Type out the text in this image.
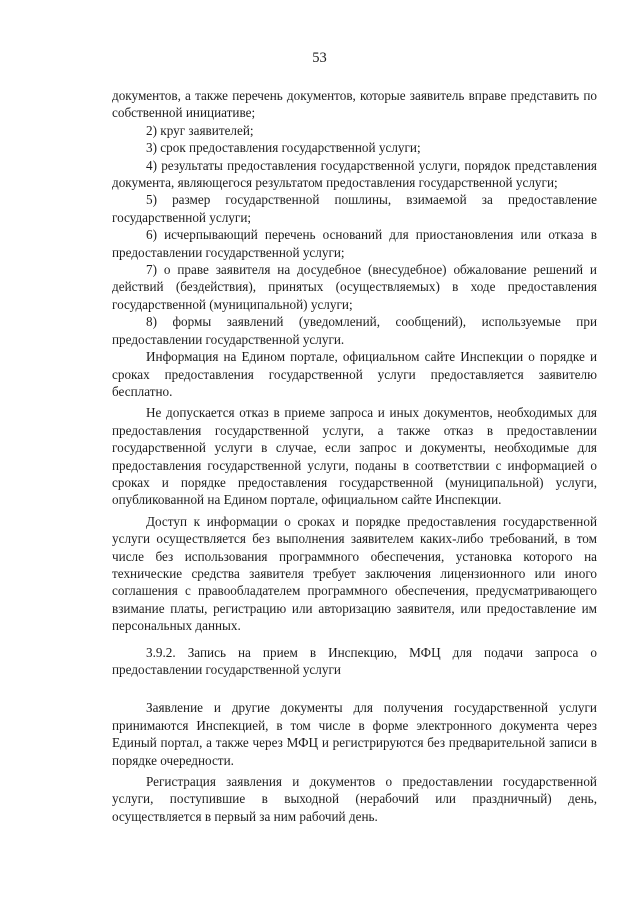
53

документов, а также перечень документов, которые заявитель вправе представить по собственной инициативе;

2) круг заявителей;

3) срок предоставления государственной услуги;

4) результаты предоставления государственной услуги, порядок представления документа, являющегося результатом предоставления государственной услуги;

5) размер государственной пошлины, взимаемой за предоставление государственной услуги;

6) исчерпывающий перечень оснований для приостановления или отказа в предоставлении государственной услуги;

7) о праве заявителя на досудебное (внесудебное) обжалование решений и действий (бездействия), принятых (осуществляемых) в ходе предоставления государственной (муниципальной) услуги;

8) формы заявлений (уведомлений, сообщений), используемые при предоставлении государственной услуги.

Информация на Едином портале, официальном сайте Инспекции о порядке и сроках предоставления государственной услуги предоставляется заявителю бесплатно.

Не допускается отказ в приеме запроса и иных документов, необходимых для предоставления государственной услуги, а также отказ в предоставлении государственной услуги в случае, если запрос и документы, необходимые для предоставления государственной услуги, поданы в соответствии с информацией о сроках и порядке предоставления государственной (муниципальной) услуги, опубликованной на Едином портале, официальном сайте Инспекции.

Доступ к информации о сроках и порядке предоставления государственной услуги осуществляется без выполнения заявителем каких-либо требований, в том числе без использования программного обеспечения, установка которого на технические средства заявителя требует заключения лицензионного или иного соглашения с правообладателем программного обеспечения, предусматривающего взимание платы, регистрацию или авторизацию заявителя, или предоставление им персональных данных.

3.9.2. Запись на прием в Инспекцию, МФЦ для подачи запроса о предоставлении государственной услуги

Заявление и другие документы для получения государственной услуги принимаются Инспекцией, в том числе в форме электронного документа через Единый портал, а также через МФЦ и регистрируются без предварительной записи в порядке очередности.

Регистрация заявления и документов о предоставлении государственной услуги, поступившие в выходной (нерабочий или праздничный) день, осуществляется в первый за ним рабочий день.
